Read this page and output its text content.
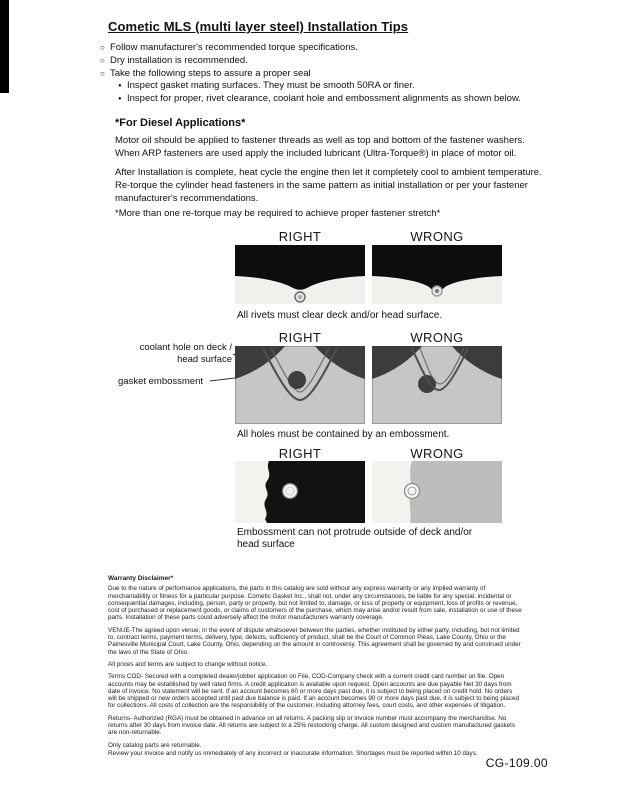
Cometic MLS (multi layer steel) Installation Tips
○ Follow manufacturer's recommended torque specifications.
○ Dry installation is recommended.
○ Take the following steps to assure a proper seal
● Inspect gasket mating surfaces. They must be smooth 50RA or finer.
● Inspect for proper, rivet clearance, coolant hole and embossment alignments as shown below.
*For Diesel Applications*

Motor oil should be applied to fastener threads as well as top and bottom of the fastener washers. When ARP fasteners are used apply the included lubricant (Ultra-Torque®) in place of motor oil.

After Installation is complete, heat cycle the engine then let it completely cool to ambient temperature. Re-torque the cylinder head fasteners in the same pattern as initial installation or per your fastener manufacturer's recommendations.

*More than one re-torque may be required to achieve proper fastener stretch*

RIGHT	WRONG
All rivets must clear deck and/or head surface.
RIGHT	WRONG
coolant hole on deck / head surface
gasket embossment
All holes must be contained by an embossment.
RIGHT	WRONG
Embossment can not protrude outside of deck and/or head surface
Warranty Disclaimer*

Due to the nature of performance applications, the parts in this catalog are sold without any express warranty or any implied warranty of merchantability or fitness for a particular purpose. Cometic Gasket Inc., shall not, under any circumstances, be liable for any special, incidental or consequential damages, including, person, party or property, but not limited to, damage, or loss of property or equipment, loss of profits or revenue, cost of purchased or replacement goods, or claims of customers of the purchase, which may arise and/or result from sale, installation or use of these parts. Installation of these parts could adversely affect the motor manufacturers warranty coverage.

VENUE-The agreed upon venue, in the event of dispute whatsoever between the parties, whether instituted by either party, including, but not limited to, contract terms, payment terms, delivery, type, defects, sufficiency of product, shall be the Court of Common Pleas, Lake County, Ohio or the Painesville Municipal Court, Lake County, Ohio, depending on the amount in controversy. This agreement shall be governed by and construed under the laws of the State of Ohio.

All prices and terms are subject to change without notice.

Terms COD- Secured with a completed dealer/jobber application on File, COD-Company check with a current credit card number on file. Open accounts may be established by well rated firms. A credit application is available upon request. Open accounts are due payable Net 30 days from date of invoice. No statement will be sent. If an account becomes 60 or more days past due, it is subject to being placed on credit hold. No orders will be shipped or new orders accepted until past due balance is paid. If an account becomes 90 or more days past due, it is subject to being placed for collections. All costs of collection are the responsibility of the customer, including attorney fees, court costs, and other expenses of litigation.

Returns- Authorized (RGA) must be obtained in advance on all returns. A packing slip or invoice number must accompany the merchandise. No returns after 30 days from invoice date. All returns are subject to a 25% restocking charge. All custom designed and custom manufactured gaskets are non-returnable.

Only catalog parts are returnable.

Review your invoice and notify us immediately of any incorrect or inaccurate information. Shortages must be reported within 10 days.

CG-109.00
